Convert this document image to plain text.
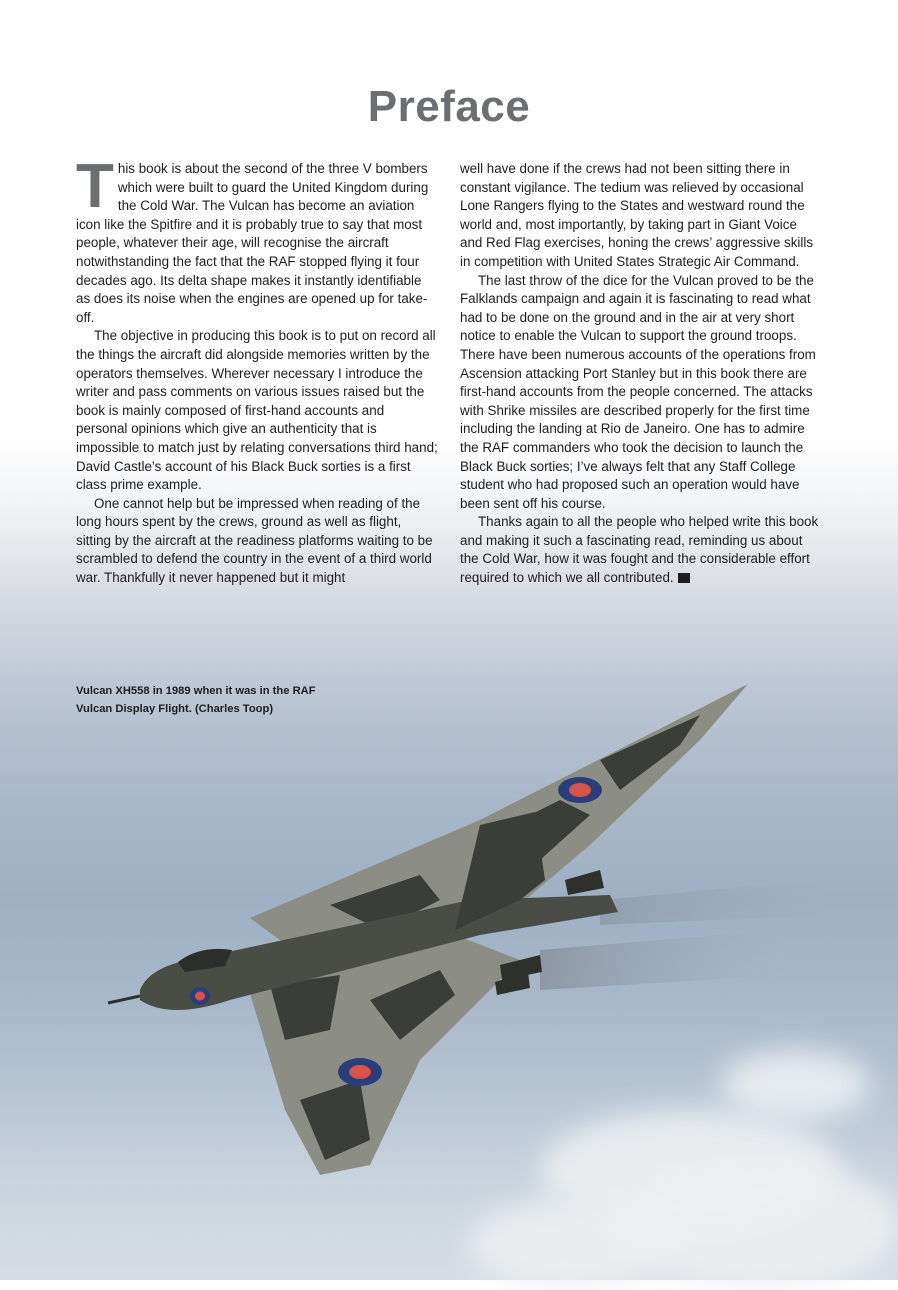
Preface

This book is about the second of the three V bombers which were built to guard the United Kingdom during the Cold War. The Vulcan has become an aviation icon like the Spitfire and it is probably true to say that most people, whatever their age, will recognise the aircraft notwithstanding the fact that the RAF stopped flying it four decades ago. Its delta shape makes it instantly identifiable as does its noise when the engines are opened up for take-off.

The objective in producing this book is to put on record all the things the aircraft did alongside memories written by the operators themselves. Wherever necessary I introduce the writer and pass comments on various issues raised but the book is mainly composed of first-hand accounts and personal opinions which give an authenticity that is impossible to match just by relating conversations third hand; David Castle’s account of his Black Buck sorties is a first class prime example.

One cannot help but be impressed when reading of the long hours spent by the crews, ground as well as flight, sitting by the aircraft at the readiness platforms waiting to be scrambled to defend the country in the event of a third world war. Thankfully it never happened but it might

well have done if the crews had not been sitting there in constant vigilance. The tedium was relieved by occasional Lone Rangers flying to the States and westward round the world and, most importantly, by taking part in Giant Voice and Red Flag exercises, honing the crews’ aggressive skills in competition with United States Strategic Air Command.

The last throw of the dice for the Vulcan proved to be the Falklands campaign and again it is fascinating to read what had to be done on the ground and in the air at very short notice to enable the Vulcan to support the ground troops. There have been numerous accounts of the operations from Ascension attacking Port Stanley but in this book there are first-hand accounts from the people concerned. The attacks with Shrike missiles are described properly for the first time including the landing at Rio de Janeiro. One has to admire the RAF commanders who took the decision to launch the Black Buck sorties; I’ve always felt that any Staff College student who had proposed such an operation would have been sent off his course.

Thanks again to all the people who helped write this book and making it such a fascinating read, reminding us about the Cold War, how it was fought and the considerable effort required to which we all contributed.

Vulcan XH558 in 1989 when it was in the RAF Vulcan Display Flight. (Charles Toop)
